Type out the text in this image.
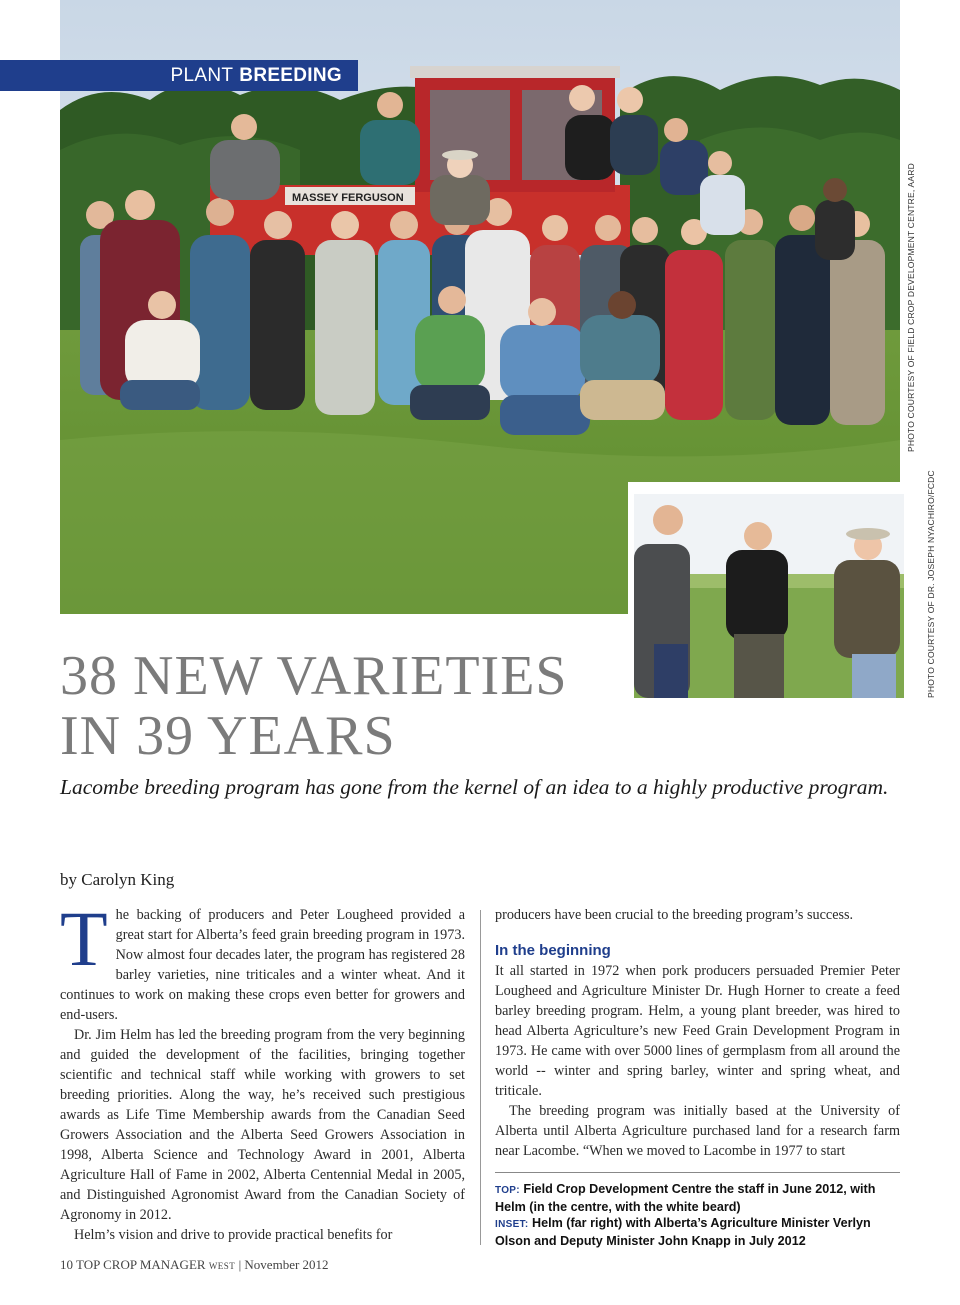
MASSEY FERGUSON
PLANT BREEDING
PHOTO COURTESY OF FIELD CROP DEVELOPMENT CENTRE, AARD
PHOTO COURTESY OF DR. JOSEPH NYACHIRO/FCDC
38 NEW VARIETIES
IN 39 YEARS

Lacombe breeding program has gone from the kernel of an idea to a highly productive program.

by Carolyn King

T he backing of producers and Peter Lougheed provided a great start for Alberta’s feed grain breeding program in 1973. Now almost four decades later, the program has registered 28 barley varieties, nine triticales and a winter wheat. And it continues to work on making these crops even better for growers and end-users.

Dr. Jim Helm has led the breeding program from the very beginning and guided the development of the facilities, bringing together scientific and technical staff while working with growers to set breeding priorities. Along the way, he’s received such prestigious awards as Life Time Membership awards from the Canadian Seed Growers Association and the Alberta Seed Growers Association in 1998, Alberta Science and Technology Award in 2001, Alberta Agriculture Hall of Fame in 2002, Alberta Centennial Medal in 2005, and Distinguished Agronomist Award from the Canadian Society of Agronomy in 2012.

Helm’s vision and drive to provide practical benefits for

producers have been crucial to the breeding program’s success.

In the beginning

It all started in 1972 when pork producers persuaded Premier Peter Lougheed and Agriculture Minister Dr. Hugh Horner to create a feed barley breeding program. Helm, a young plant breeder, was hired to head Alberta Agriculture’s new Feed Grain Development Program in 1973. He came with over 5000 lines of germplasm from all around the world -- winter and spring barley, winter and spring wheat, and triticale.

The breeding program was initially based at the University of Alberta until Alberta Agriculture purchased land for a research farm near Lacombe. “When we moved to Lacombe in 1977 to start

TOP: Field Crop Development Centre the staff in June 2012, with Helm (in the centre, with the white beard)

INSET: Helm (far right) with Alberta’s Agriculture Minister Verlyn Olson and Deputy Minister John Knapp in July 2012

10 TOP CROP MANAGER WEST | November 2012
